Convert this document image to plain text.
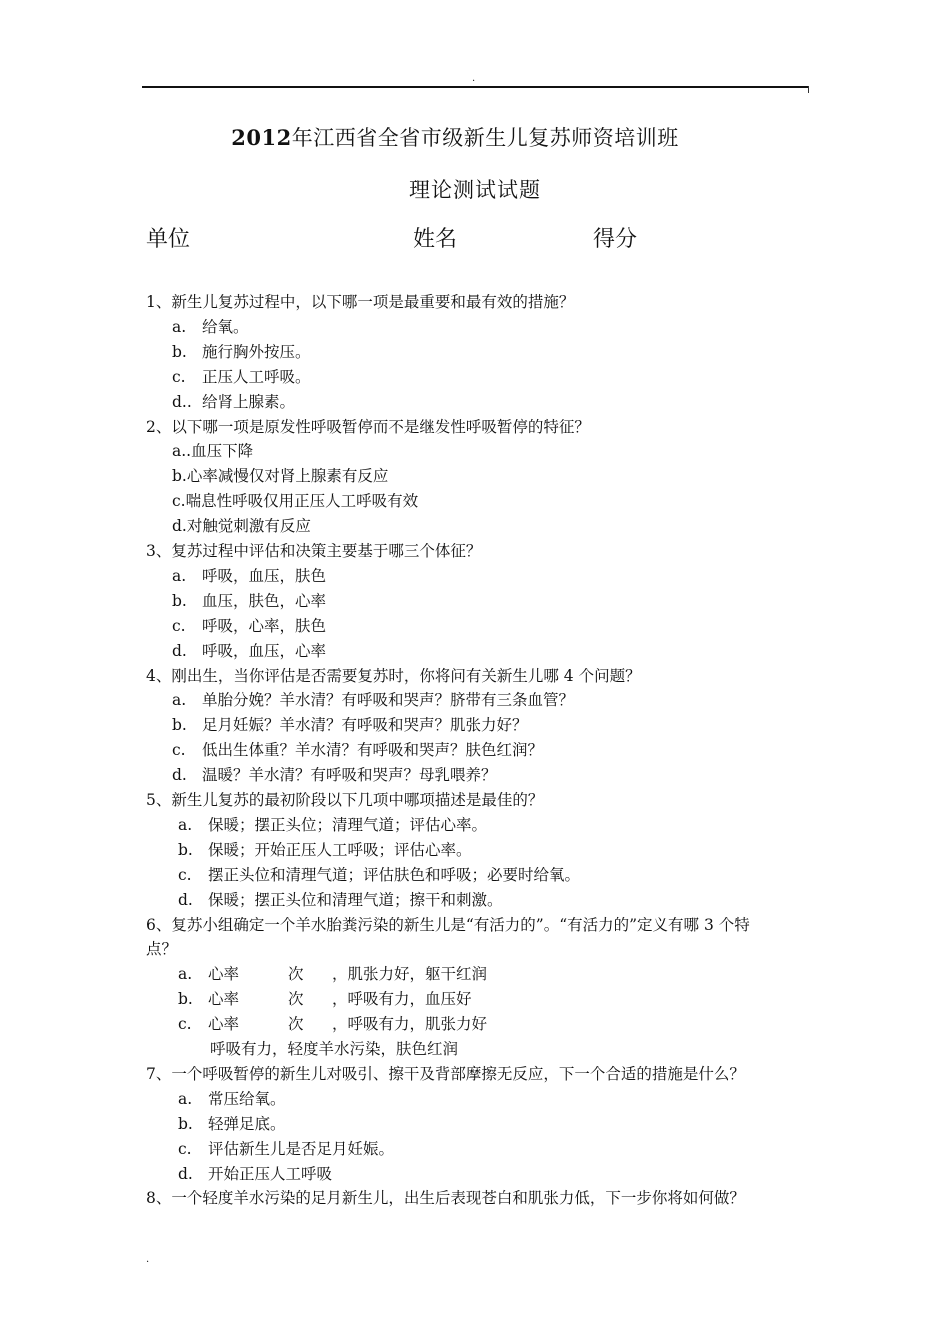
.
2012年江西省全省市级新生儿复苏师资培训班
理论测试试题
单位	姓名	得分
1、新生儿复苏过程中，以下哪一项是最重要和最有效的措施？
a. 给氧。
b. 施行胸外按压。
c. 正压人工呼吸。
d.. 给肾上腺素。
2、以下哪一项是原发性呼吸暂停而不是继发性呼吸暂停的特征？
a..血压下降
b.心率减慢仅对肾上腺素有反应
c.喘息性呼吸仅用正压人工呼吸有效
d.对触觉刺激有反应
3、复苏过程中评估和决策主要基于哪三个体征？
a. 呼吸，血压，肤色
b. 血压，肤色，心率
c. 呼吸，心率，肤色
d. 呼吸，血压，心率
4、刚出生，当你评估是否需要复苏时，你将问有关新生儿哪 4 个问题？
a. 单胎分娩？羊水清？有呼吸和哭声？脐带有三条血管？
b. 足月妊娠？羊水清？有呼吸和哭声？肌张力好？
c. 低出生体重？羊水清？有呼吸和哭声？肤色红润？
d. 温暖？羊水清？有呼吸和哭声？母乳喂养？
5、新生儿复苏的最初阶段以下几项中哪项描述是最佳的？
a. 保暖；摆正头位；清理气道；评估心率。
b. 保暖；开始正压人工呼吸；评估心率。
c. 摆正头位和清理气道；评估肤色和呼吸；必要时给氧。
d. 保暖；摆正头位和清理气道；擦干和刺激。
6、复苏小组确定一个羊水胎粪污染的新生儿是“有活力的”。“有活力的”定义有哪 3 个特
点？
a. 心率	次 ，肌张力好，躯干红润
b. 心率	次 ，呼吸有力，血压好
c. 心率	次 ，呼吸有力，肌张力好
呼吸有力，轻度羊水污染，肤色红润
7、一个呼吸暂停的新生儿对吸引、擦干及背部摩擦无反应，下一个合适的措施是什么？
a. 常压给氧。
b. 轻弹足底。
c. 评估新生儿是否足月妊娠。
d. 开始正压人工呼吸
8、一个轻度羊水污染的足月新生儿，出生后表现苍白和肌张力低，下一步你将如何做？
.
